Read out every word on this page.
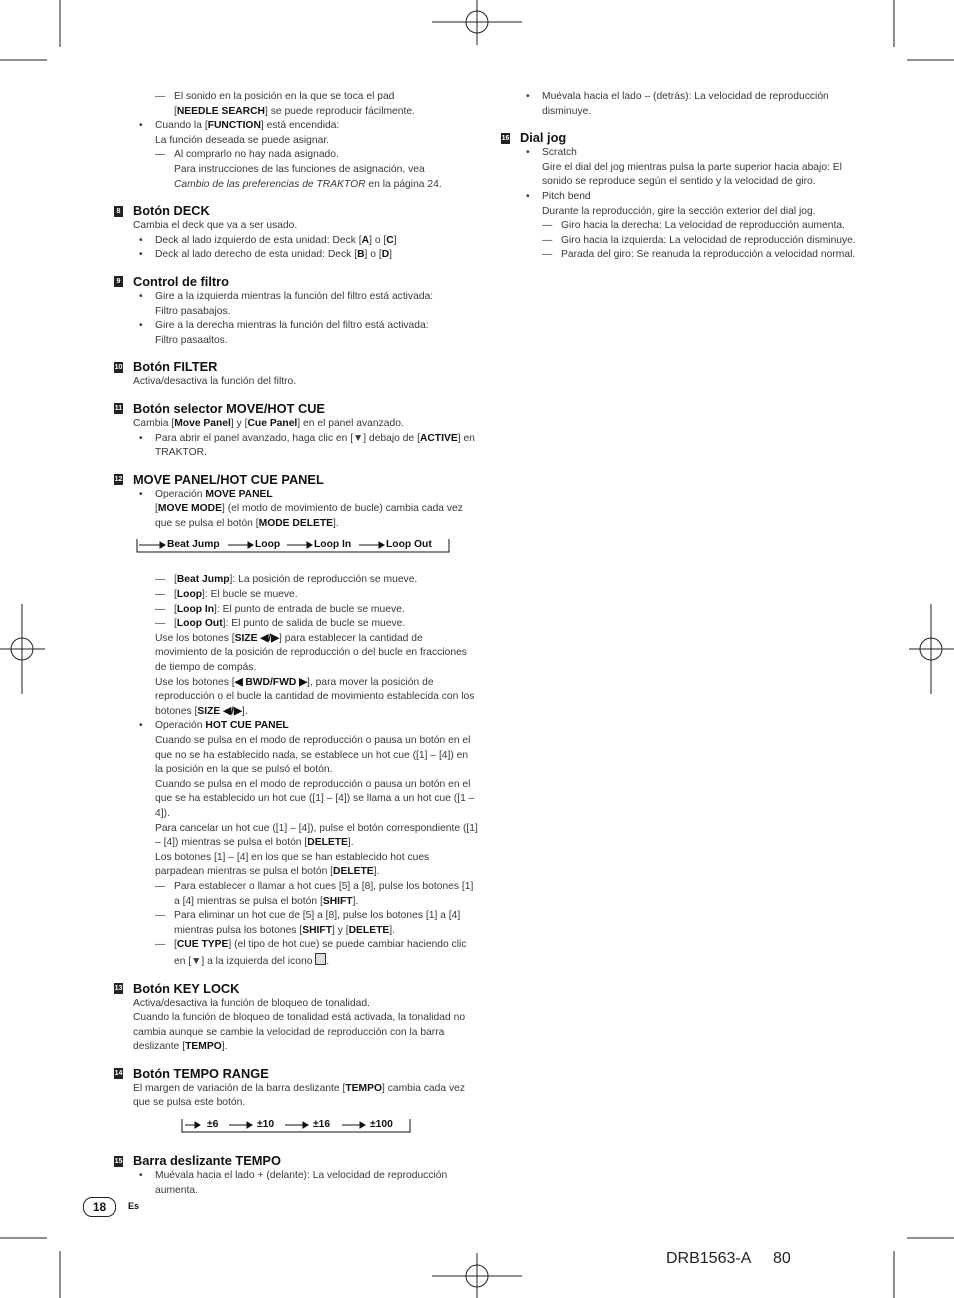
— El sonido en la posición en la que se toca el pad
[NEEDLE SEARCH] se puede reproducir fácilmente.

• Cuando la [FUNCTION] está encendida:
La función deseada se puede asignar.

— Al comprarlo no hay nada asignado.
Para instrucciones de las funciones de asignación, vea
Cambio de las preferencias de TRAKTOR en la página 24.

8 Botón DECK

Cambia el deck que va a ser usado.

• Deck al lado izquierdo de esta unidad: Deck [A] o [C]

• Deck al lado derecho de esta unidad: Deck [B] o [D]

9 Control de filtro

• Gire a la izquierda mientras la función del filtro está activada:
Filtro pasabajos.

• Gire a la derecha mientras la función del filtro está activada:
Filtro pasaaltos.

10 Botón FILTER

Activa/desactiva la función del filtro.

11 Botón selector MOVE/HOT CUE

Cambia [Move Panel] y [Cue Panel] en el panel avanzado.

• Para abrir el panel avanzado, haga clic en [▼] debajo de [ACTIVE] en TRAKTOR.

12 MOVE PANEL/HOT CUE PANEL

• Operación MOVE PANEL
[MOVE MODE] (el modo de movimiento de bucle) cambia cada vez que se pulsa el botón [MODE DELETE].

Beat Jump	Loop	Loop In	Loop Out

— [Beat Jump]: La posición de reproducción se mueve.

— [Loop]: El bucle se mueve.

— [Loop In]: El punto de entrada de bucle se mueve.

— [Loop Out]: El punto de salida de bucle se mueve.

Use los botones [SIZE ◀/▶] para establecer la cantidad de movimiento de la posición de reproducción o del bucle en fracciones de tiempo de compás.

Use los botones [◀ BWD/FWD ▶], para mover la posición de reproducción o el bucle la cantidad de movimiento establecida con los botones [SIZE ◀/▶].

• Operación HOT CUE PANEL

Cuando se pulsa en el modo de reproducción o pausa un botón en el que no se ha establecido nada, se establece un hot cue ([1] – [4]) en la posición en la que se pulsó el botón.

Cuando se pulsa en el modo de reproducción o pausa un botón en el que se ha establecido un hot cue ([1] – [4]) se llama a un hot cue ([1 – 4]).

Para cancelar un hot cue ([1] – [4]), pulse el botón correspondiente ([1] – [4]) mientras se pulsa el botón [DELETE].

Los botones [1] – [4] en los que se han establecido hot cues parpadean mientras se pulsa el botón [DELETE].

— Para establecer o llamar a hot cues [5] a [8], pulse los botones [1] a [4] mientras se pulsa el botón [SHIFT].

— Para eliminar un hot cue de [5] a [8], pulse los botones [1] a [4] mientras pulsa los botones [SHIFT] y [DELETE].

— [CUE TYPE] (el tipo de hot cue) se puede cambiar haciendo clic en [▼] a la izquierda del icono .

13 Botón KEY LOCK

Activa/desactiva la función de bloqueo de tonalidad.

Cuando la función de bloqueo de tonalidad está activada, la tonalidad no cambia aunque se cambie la velocidad de reproducción con la barra deslizante [TEMPO].

14 Botón TEMPO RANGE

El margen de variación de la barra deslizante [TEMPO] cambia cada vez que se pulsa este botón.

±6	±10	±16	±100
15 Barra deslizante TEMPO

• Muévala hacia el lado + (delante): La velocidad de reproducción aumenta.

• Muévala hacia el lado – (detrás): La velocidad de reproducción disminuye.

16 Dial jog

• Scratch

Gire el dial del jog mientras pulsa la parte superior hacia abajo: El sonido se reproduce según el sentido y la velocidad de giro.

• Pitch bend

Durante la reproducción, gire la sección exterior del dial jog.

— Giro hacia la derecha: La velocidad de reproducción aumenta.

— Giro hacia la izquierda: La velocidad de reproducción disminuye.

— Parada del giro: Se reanuda la reproducción a velocidad normal.

18	Es
DRB1563-A 80
